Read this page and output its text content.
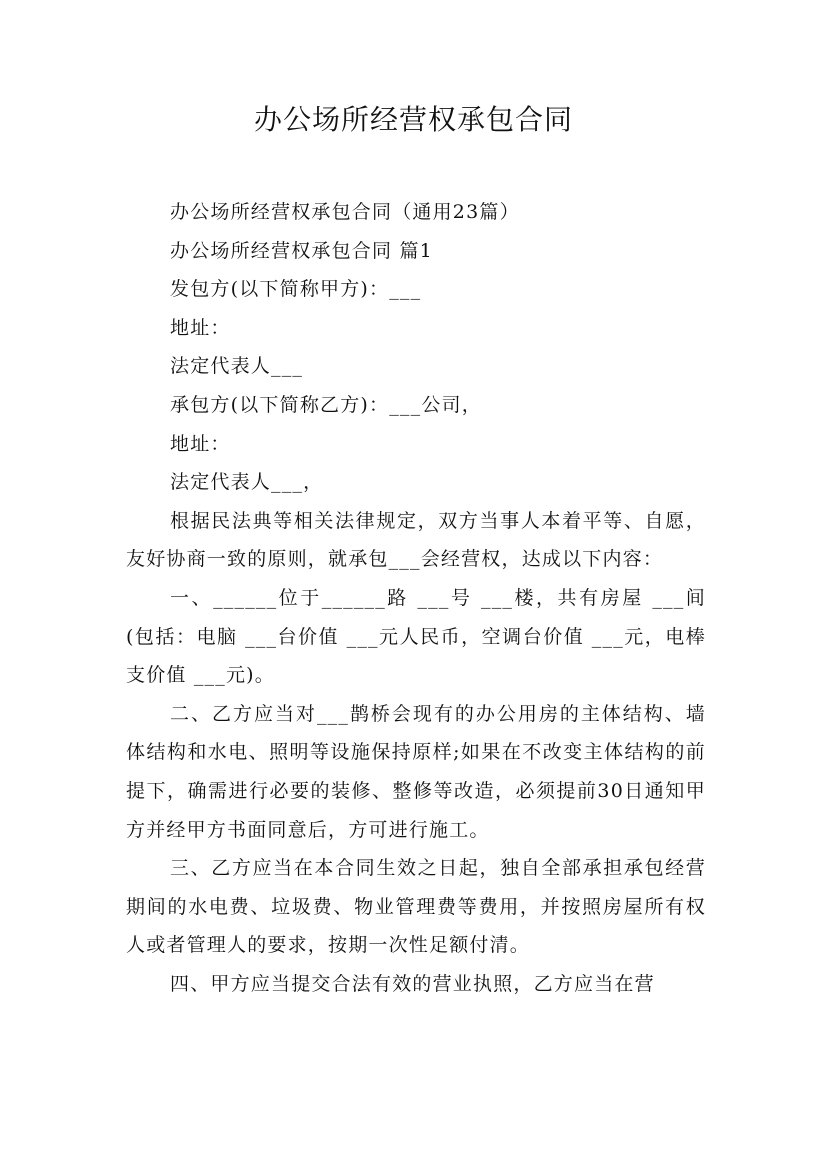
办公场所经营权承包合同

办公场所经营权承包合同（通用23篇）

办公场所经营权承包合同 篇1

发包方(以下简称甲方)：___

地址：

法定代表人___

承包方(以下简称乙方)：___公司，

地址：

法定代表人___，

根据民法典等相关法律规定，双方当事人本着平等、自愿，友好协商一致的原则，就承包___会经营权，达成以下内容：

一、______位于______路 ___号 ___楼，共有房屋 ___间(包括：电脑 ___台价值 ___元人民币，空调台价值 ___元，电棒 支价值 ___元)。

二、乙方应当对___鹊桥会现有的办公用房的主体结构、墙体结构和水电、照明等设施保持原样;如果在不改变主体结构的前提下，确需进行必要的装修、整修等改造，必须提前30日通知甲方并经甲方书面同意后，方可进行施工。

三、乙方应当在本合同生效之日起，独自全部承担承包经营期间的水电费、垃圾费、物业管理费等费用，并按照房屋所有权人或者管理人的要求，按期一次性足额付清。

四、甲方应当提交合法有效的营业执照，乙方应当在营
